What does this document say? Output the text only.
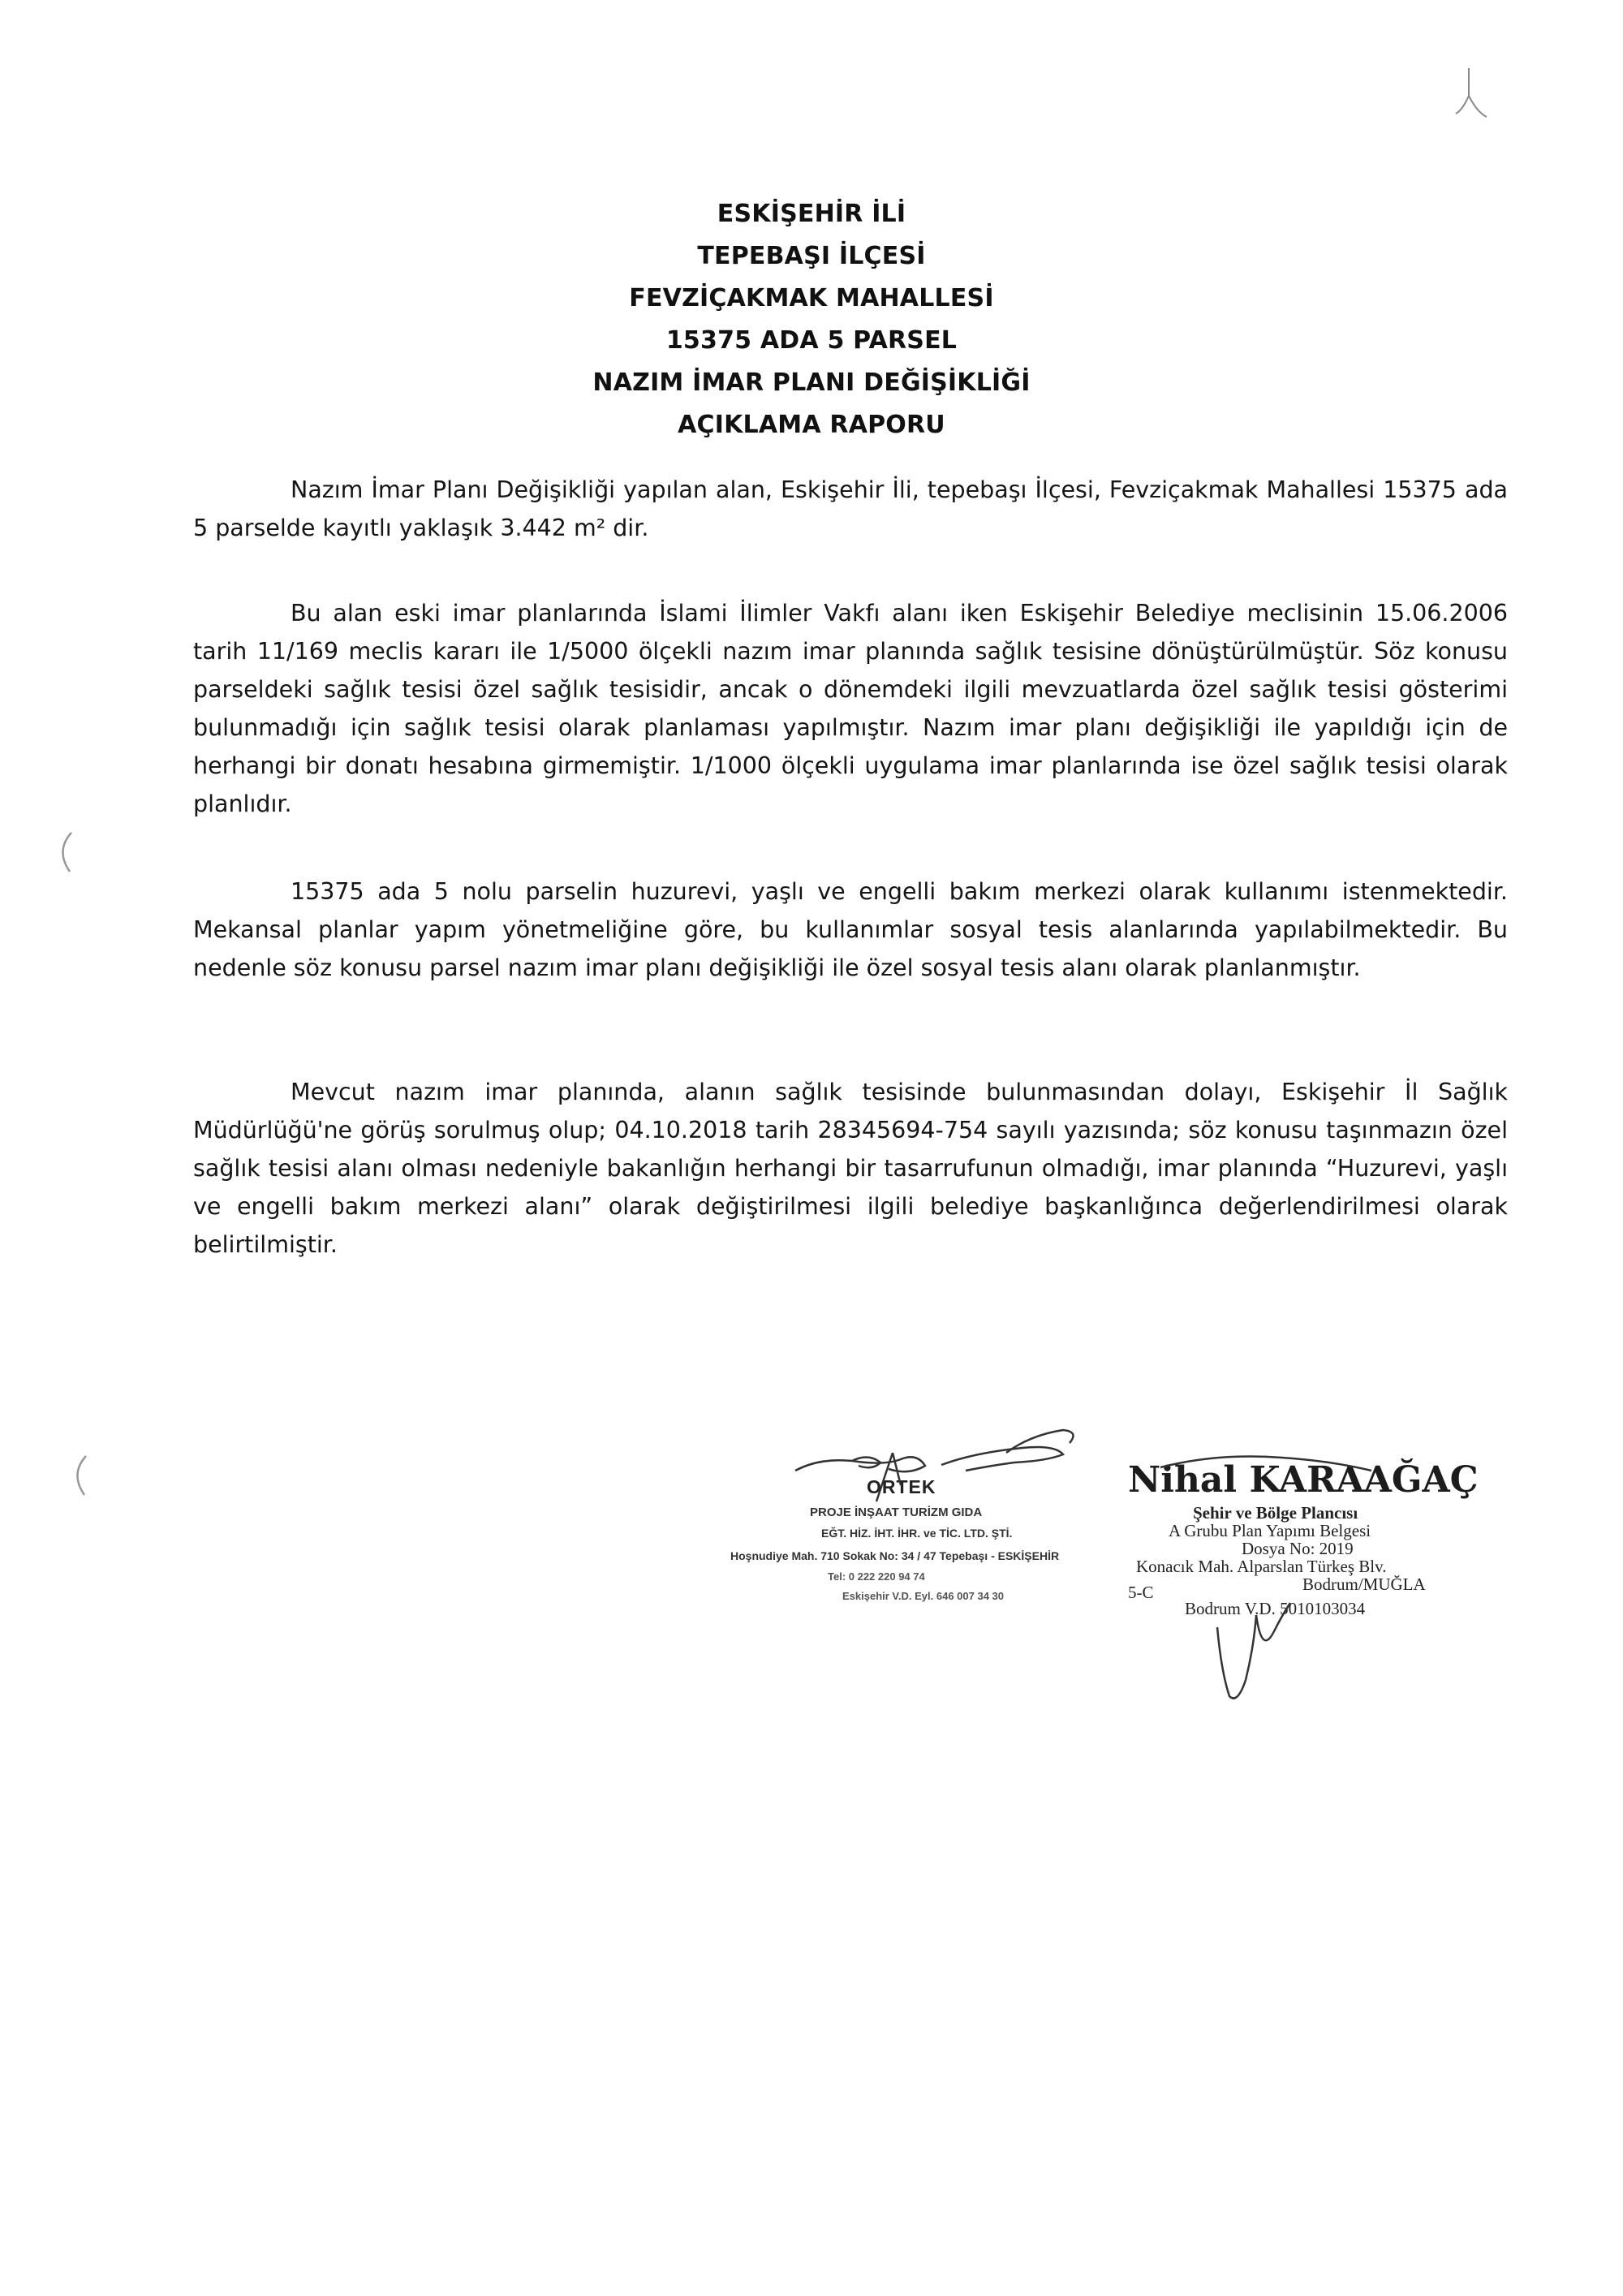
ESKİŞEHİR İLİ
TEPEBAŞI İLÇESİ
FEVZİÇAKMAK MAHALLESİ
15375 ADA 5 PARSEL
NAZIM İMAR PLANI DEĞİŞİKLİĞİ
AÇIKLAMA RAPORU

Nazım İmar Planı Değişikliği yapılan alan, Eskişehir İli, tepebaşı İlçesi, Fevziçakmak Mahallesi 15375 ada 5 parselde kayıtlı yaklaşık 3.442 m² dir.

Bu alan eski imar planlarında İslami İlimler Vakfı alanı iken Eskişehir Belediye meclisinin 15.06.2006 tarih 11/169 meclis kararı ile 1/5000 ölçekli nazım imar planında sağlık tesisine dönüştürülmüştür. Söz konusu parseldeki sağlık tesisi özel sağlık tesisidir, ancak o dönemdeki ilgili mevzuatlarda özel sağlık tesisi gösterimi bulunmadığı için sağlık tesisi olarak planlaması yapılmıştır. Nazım imar planı değişikliği ile yapıldığı için de herhangi bir donatı hesabına girmemiştir. 1/1000 ölçekli uygulama imar planlarında ise özel sağlık tesisi olarak planlıdır.

15375 ada 5 nolu parselin huzurevi, yaşlı ve engelli bakım merkezi olarak kullanımı istenmektedir. Mekansal planlar yapım yönetmeliğine göre, bu kullanımlar sosyal tesis alanlarında yapılabilmektedir. Bu nedenle söz konusu parsel nazım imar planı değişikliği ile özel sosyal tesis alanı olarak planlanmıştır.

Mevcut nazım imar planında, alanın sağlık tesisinde bulunmasından dolayı, Eskişehir İl Sağlık Müdürlüğü'ne görüş sorulmuş olup; 04.10.2018 tarih 28345694-754 sayılı yazısında; söz konusu taşınmazın özel sağlık tesisi alanı olması nedeniyle bakanlığın herhangi bir tasarrufunun olmadığı, imar planında “Huzurevi, yaşlı ve engelli bakım merkezi alanı” olarak değiştirilmesi ilgili belediye başkanlığınca değerlendirilmesi olarak belirtilmiştir.

ORTEK
PROJE İNŞAAT TURİZM GIDA
EĞT. HİZ. İHT. İHR. ve TİC. LTD. ŞTİ.
Hoşnudiye Mah. 710 Sokak No: 34 / 47 Tepebaşı - ESKİŞEHİR
Tel: 0 222 220 94 74
Eskişehir V.D. Eyl. 646 007 34 30
Nihal KARAAĞAÇ
Şehir ve Bölge Plancısı
A Grubu Plan Yapımı Belgesi
Dosya No: 2019
Konacık Mah. Alparslan Türkeş Blv.
Bodrum/MUĞLA
5-C
Bodrum V.D. 5010103034
